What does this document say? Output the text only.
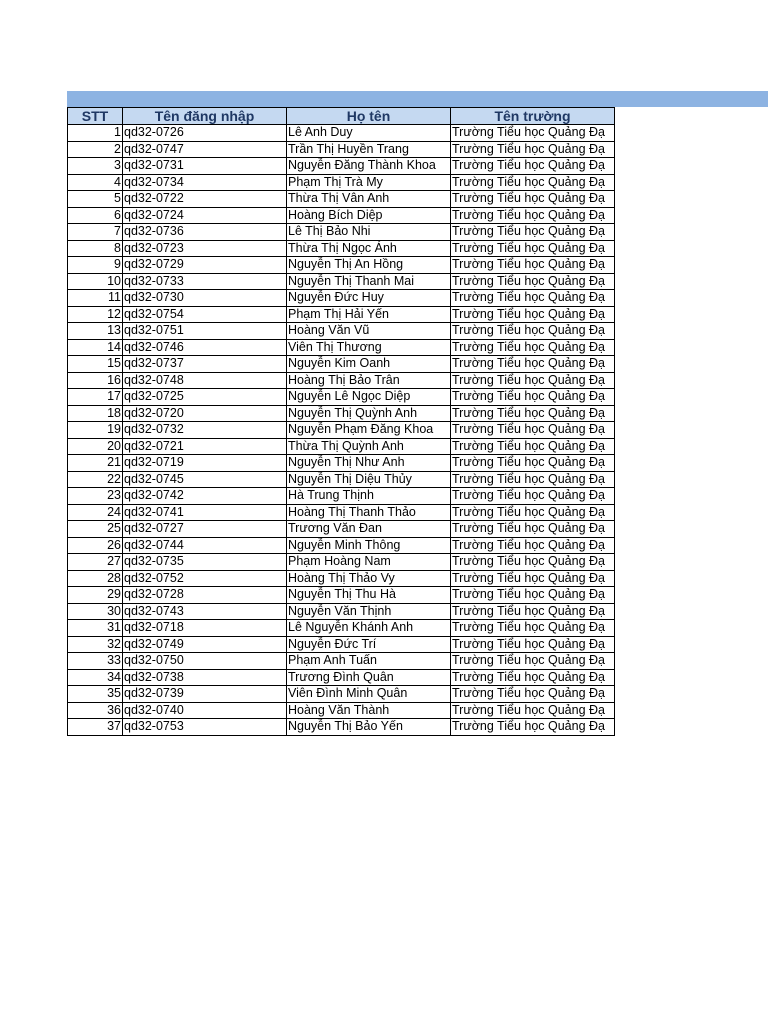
STT	Tên đăng nhập	Họ tên	Tên trường
1	qd32-0726	Lê Anh Duy	Trường Tiểu học Quảng Đạ
2	qd32-0747	Trần Thị Huyền Trang	Trường Tiểu học Quảng Đạ
3	qd32-0731	Nguyễn Đăng Thành Khoa	Trường Tiểu học Quảng Đạ
4	qd32-0734	Phạm Thị Trà My	Trường Tiểu học Quảng Đạ
5	qd32-0722	Thừa Thị Vân Anh	Trường Tiểu học Quảng Đạ
6	qd32-0724	Hoàng Bích Diệp	Trường Tiểu học Quảng Đạ
7	qd32-0736	Lê Thị Bảo Nhi	Trường Tiểu học Quảng Đạ
8	qd32-0723	Thừa Thị Ngọc Ánh	Trường Tiểu học Quảng Đạ
9	qd32-0729	Nguyễn Thị An Hồng	Trường Tiểu học Quảng Đạ
10	qd32-0733	Nguyễn Thị Thanh Mai	Trường Tiểu học Quảng Đạ
11	qd32-0730	Nguyễn Đức Huy	Trường Tiểu học Quảng Đạ
12	qd32-0754	Phạm Thị Hải Yến	Trường Tiểu học Quảng Đạ
13	qd32-0751	Hoàng Văn Vũ	Trường Tiểu học Quảng Đạ
14	qd32-0746	Viên Thị Thương	Trường Tiểu học Quảng Đạ
15	qd32-0737	Nguyễn Kim Oanh	Trường Tiểu học Quảng Đạ
16	qd32-0748	Hoàng Thị Bảo Trân	Trường Tiểu học Quảng Đạ
17	qd32-0725	Nguyễn Lê Ngọc Diệp	Trường Tiểu học Quảng Đạ
18	qd32-0720	Nguyễn Thị Quỳnh Anh	Trường Tiểu học Quảng Đạ
19	qd32-0732	Nguyễn Phạm Đăng Khoa	Trường Tiểu học Quảng Đạ
20	qd32-0721	Thừa Thị Quỳnh Anh	Trường Tiểu học Quảng Đạ
21	qd32-0719	Nguyễn Thị Như Anh	Trường Tiểu học Quảng Đạ
22	qd32-0745	Nguyễn Thị Diệu Thủy	Trường Tiểu học Quảng Đạ
23	qd32-0742	Hà Trung Thịnh	Trường Tiểu học Quảng Đạ
24	qd32-0741	Hoàng Thị Thanh Thảo	Trường Tiểu học Quảng Đạ
25	qd32-0727	Trương Văn Đan	Trường Tiểu học Quảng Đạ
26	qd32-0744	Nguyễn Minh Thông	Trường Tiểu học Quảng Đạ
27	qd32-0735	Phạm Hoàng Nam	Trường Tiểu học Quảng Đạ
28	qd32-0752	Hoàng Thị Thảo Vy	Trường Tiểu học Quảng Đạ
29	qd32-0728	Nguyễn Thị Thu Hà	Trường Tiểu học Quảng Đạ
30	qd32-0743	Nguyễn Văn Thịnh	Trường Tiểu học Quảng Đạ
31	qd32-0718	Lê Nguyễn Khánh Anh	Trường Tiểu học Quảng Đạ
32	qd32-0749	Nguyễn Đức Trí	Trường Tiểu học Quảng Đạ
33	qd32-0750	Phạm Anh Tuấn	Trường Tiểu học Quảng Đạ
34	qd32-0738	Trương Đình Quân	Trường Tiểu học Quảng Đạ
35	qd32-0739	Viên Đình Minh Quân	Trường Tiểu học Quảng Đạ
36	qd32-0740	Hoàng Văn Thành	Trường Tiểu học Quảng Đạ
37	qd32-0753	Nguyễn Thị Bảo Yến	Trường Tiểu học Quảng Đạ
